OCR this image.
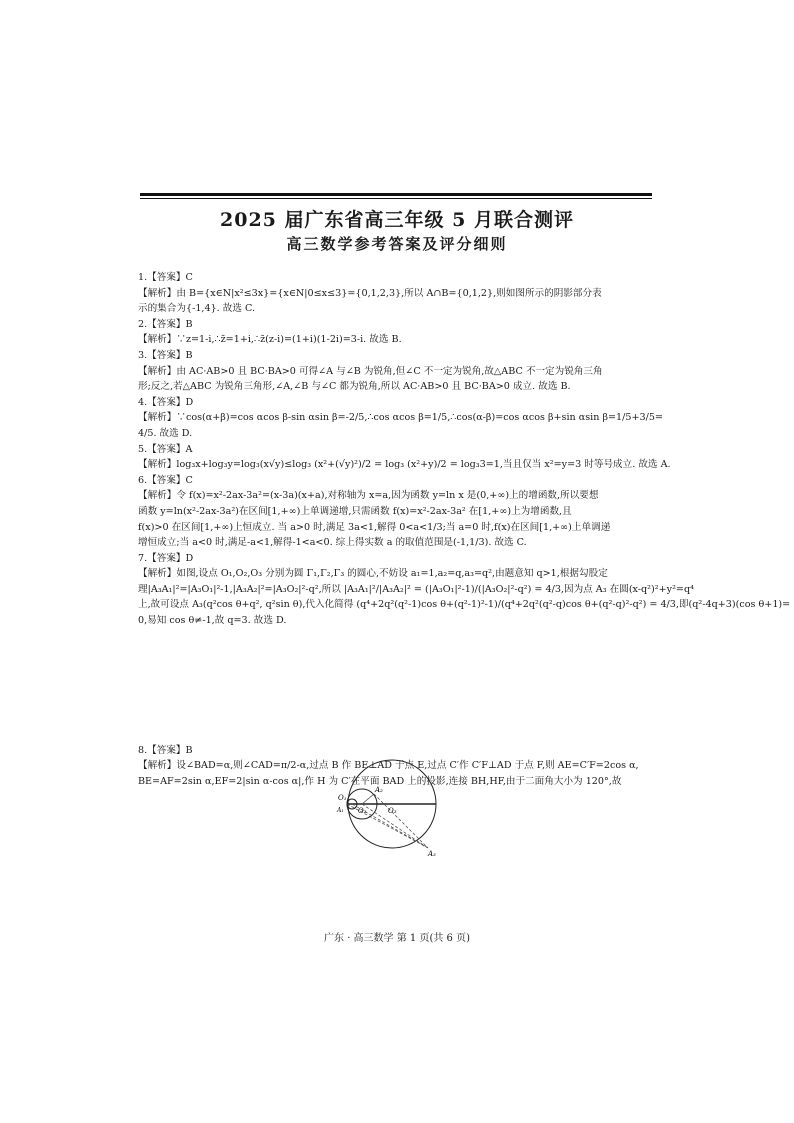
2025 届广东省高三年级 5 月联合测评
高三数学参考答案及评分细则
1.【答案】C
【解析】由 B={x∈N|x²≤3x}={x∈N|0≤x≤3}={0,1,2,3},所以 A∩B={0,1,2},则如图所示的阴影部分表
示的集合为{-1,4}. 故选 C.
2.【答案】B
【解析】∵z=1-i,∴z̄=1+i,∴z̄(z-i)=(1+i)(1-2i)=3-i. 故选 B.
3.【答案】B
【解析】由 AC·AB>0 且 BC·BA>0 可得∠A 与∠B 为锐角,但∠C 不一定为锐角,故△ABC 不一定为锐角三角
形;反之,若△ABC 为锐角三角形,∠A,∠B 与∠C 都为锐角,所以 AC·AB>0 且 BC·BA>0 成立. 故选 B.
4.【答案】D
【解析】∵cos(α+β)=cos αcos β-sin αsin β=-2/5,∴cos αcos β=1/5,∴cos(α-β)=cos αcos β+sin αsin β=1/5+3/5=
4/5. 故选 D.
5.【答案】A
【解析】log₃x+log₃y=log₃(x√y)≤log₃ (x²+(√y)²)/2 = log₃ (x²+y)/2 = log₃3=1,当且仅当 x²=y=3 时等号成立. 故选 A.
6.【答案】C
【解析】令 f(x)=x²-2ax-3a²=(x-3a)(x+a),对称轴为 x=a,因为函数 y=ln x 是(0,+∞)上的增函数,所以要想
函数 y=ln(x²-2ax-3a²)在区间[1,+∞)上单调递增,只需函数 f(x)=x²-2ax-3a² 在[1,+∞)上为增函数,且
f(x)>0 在区间[1,+∞)上恒成立. 当 a>0 时,满足 3a<1,解得 0<a<1/3;当 a=0 时,f(x)在区间[1,+∞)上单调递
增恒成立;当 a<0 时,满足-a<1,解得-1<a<0. 综上得实数 a 的取值范围是(-1,1/3). 故选 C.
7.【答案】D
【解析】如图,设点 O₁,O₂,O₃ 分别为圆 Γ₁,Γ₂,Γ₃ 的圆心,不妨设 a₁=1,a₂=q,a₃=q²,由题意知 q>1,根据勾股定
理|A₃A₁|²=|A₃O₁|²-1,|A₃A₂|²=|A₃O₂|²-q²,所以 |A₃A₁|²/|A₃A₂|² = (|A₃O₁|²-1)/(|A₃O₂|²-q²) = 4/3,因为点 A₃ 在圆(x-q²)²+y²=q⁴
上,故可设点 A₃(q²cos θ+q², q²sin θ),代入化简得 (q⁴+2q²(q²-1)cos θ+(q²-1)²-1)/(q⁴+2q²(q²-q)cos θ+(q²-q)²-q²) = 4/3,即(q²-4q+3)(cos θ+1)=
0,易知 cos θ≠-1,故 q=3. 故选 D.
8.【答案】B
【解析】设∠BAD=α,则∠CAD=π/2-α,过点 B 作 BE⊥AD 于点 E,过点 C′作 C′F⊥AD 于点 F,则 AE=C′F=2cos α,
BE=AF=2sin α,EF=2|sin α-cos α|,作 H 为 C′在平面 BAD 上的投影,连接 BH,HF,由于二面角大小为 120°,故
O₁
O₂	O₃
A₁
A₂
A₃
广东 · 高三数学 第 1 页(共 6 页)
